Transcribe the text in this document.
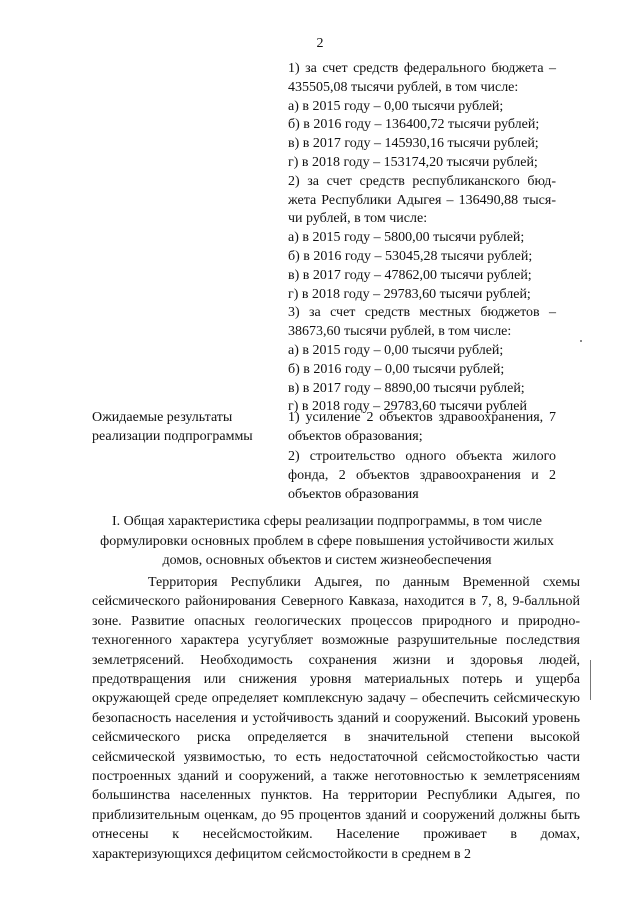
2
1) за счет средств федерального бюджета –
435505,08 тысячи рублей, в том числе:
а) в 2015 году – 0,00 тысячи рублей;
б) в 2016 году – 136400,72 тысячи рублей;
в) в 2017 году – 145930,16 тысячи рублей;
г) в 2018 году – 153174,20 тысячи рублей;
2) за счет средств республиканского бюд-
жета Республики Адыгея – 136490,88 тыся-
чи рублей, в том числе:
а) в 2015 году – 5800,00 тысячи рублей;
б) в 2016 году – 53045,28 тысячи рублей;
в) в 2017 году – 47862,00 тысячи рублей;
г) в 2018 году – 29783,60 тысячи рублей;
3) за счет средств местных бюджетов –
38673,60 тысячи рублей, в том числе:
а) в 2015 году – 0,00 тысячи рублей;
б) в 2016 году – 0,00 тысячи рублей;
в) в 2017 году – 8890,00 тысячи рублей;
г) в 2018 году – 29783,60 тысячи рублей
Ожидаемые результаты реализации подпрограммы

1) усиление 2 объектов здравоохранения, 7 объектов образования;

2) строительство одного объекта жилого фонда, 2 объектов здравоохранения и 2 объектов образования

I. Общая характеристика сферы реализации подпрограммы, в том числе формулировки основных проблем в сфере повышения устойчивости жилых домов, основных объектов и систем жизнеобеспечения
Территория Республики Адыгея, по данным Временной схемы сейсмического районирования Северного Кавказа, находится в 7, 8, 9-балльной зоне. Развитие опасных геологических процессов природного и природно-техногенного характера усугубляет возможные разрушительные последствия землетрясений. Необходимость сохранения жизни и здоровья людей, предотвращения или снижения уровня материальных потерь и ущерба окружающей среде определяет комплексную задачу – обеспечить сейсмическую безопасность населения и устойчивость зданий и сооружений. Высокий уровень сейсмического риска определяется в значительной степени высокой сейсмической уязвимостью, то есть недостаточной сейсмостойкостью части построенных зданий и сооружений, а также неготовностью к землетрясениям большинства населенных пунктов. На территории Республики Адыгея, по приблизительным оценкам, до 95 процентов зданий и сооружений должны быть отнесены к несейсмостойким. Население проживает в домах, характеризующихся дефицитом сейсмостойкости в среднем в 2
